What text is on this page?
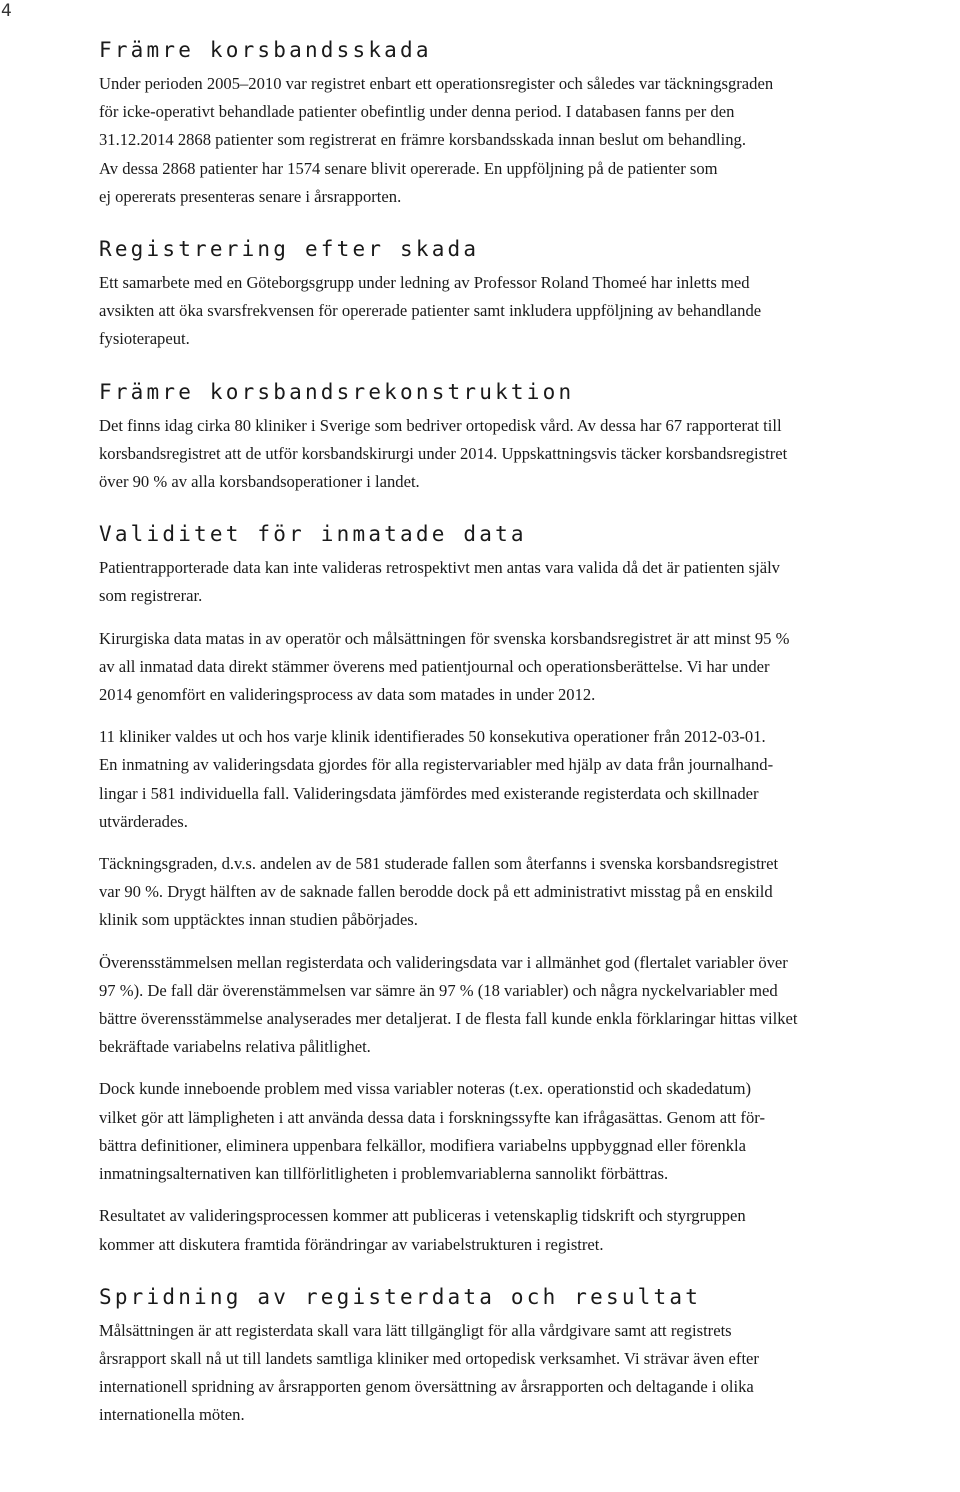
4
Främre korsbandsskada

Under perioden 2005–2010 var registret enbart ett operationsregister och således var täckningsgraden
för icke-operativt behandlade patienter obefintlig under denna period. I databasen fanns per den
31.12.2014 2868 patienter som registrerat en främre korsbandsskada innan beslut om behandling.
Av dessa 2868 patienter har 1574 senare blivit opererade. En uppföljning på de patienter som
ej opererats presenteras senare i årsrapporten.

Registrering efter skada

Ett samarbete med en Göteborgsgrupp under ledning av Professor Roland Thomeé har inletts med
avsikten att öka svarsfrekvensen för opererade patienter samt inkludera uppföljning av behandlande
fysioterapeut.

Främre korsbandsrekonstruktion

Det finns idag cirka 80 kliniker i Sverige som bedriver ortopedisk vård. Av dessa har 67 rapporterat till
korsbandsregistret att de utför korsbandskirurgi under 2014. Uppskattningsvis täcker korsbandsregistret
över 90 % av alla korsbandsoperationer i landet.

Validitet för inmatade data

Patientrapporterade data kan inte valideras retrospektivt men antas vara valida då det är patienten själv
som registrerar.

Kirurgiska data matas in av operatör och målsättningen för svenska korsbandsregistret är att minst 95 %
av all inmatad data direkt stämmer överens med patientjournal och operationsberättelse. Vi har under
2014 genomfört en valideringsprocess av data som matades in under 2012.

11 kliniker valdes ut och hos varje klinik identifierades 50 konsekutiva operationer från 2012-03-01.
En inmatning av valideringsdata gjordes för alla registervariabler med hjälp av data från journalhand-
lingar i 581 individuella fall. Valideringsdata jämfördes med existerande registerdata och skillnader
utvärderades.

Täckningsgraden, d.v.s. andelen av de 581 studerade fallen som återfanns i svenska korsbandsregistret
var 90 %. Drygt hälften av de saknade fallen berodde dock på ett administrativt misstag på en enskild
klinik som upptäcktes innan studien påbörjades.

Överensstämmelsen mellan registerdata och valideringsdata var i allmänhet god (flertalet variabler över
97 %). De fall där överenstämmelsen var sämre än 97 % (18 variabler) och några nyckelvariabler med
bättre överensstämmelse analyserades mer detaljerat. I de flesta fall kunde enkla förklaringar hittas vilket
bekräftade variabelns relativa pålitlighet.

Dock kunde inneboende problem med vissa variabler noteras (t.ex. operationstid och skadedatum)
vilket gör att lämpligheten i att använda dessa data i forskningssyfte kan ifrågasättas. Genom att för-
bättra definitioner, eliminera uppenbara felkällor, modifiera variabelns uppbyggnad eller förenkla
inmatningsalternativen kan tillförlitligheten i problemvariablerna sannolikt förbättras.

Resultatet av valideringsprocessen kommer att publiceras i vetenskaplig tidskrift och styrgruppen
kommer att diskutera framtida förändringar av variabelstrukturen i registret.

Spridning av registerdata och resultat

Målsättningen är att registerdata skall vara lätt tillgängligt för alla vårdgivare samt att registrets
årsrapport skall nå ut till landets samtliga kliniker med ortopedisk verksamhet. Vi strävar även efter
internationell spridning av årsrapporten genom översättning av årsrapporten och deltagande i olika
internationella möten.
